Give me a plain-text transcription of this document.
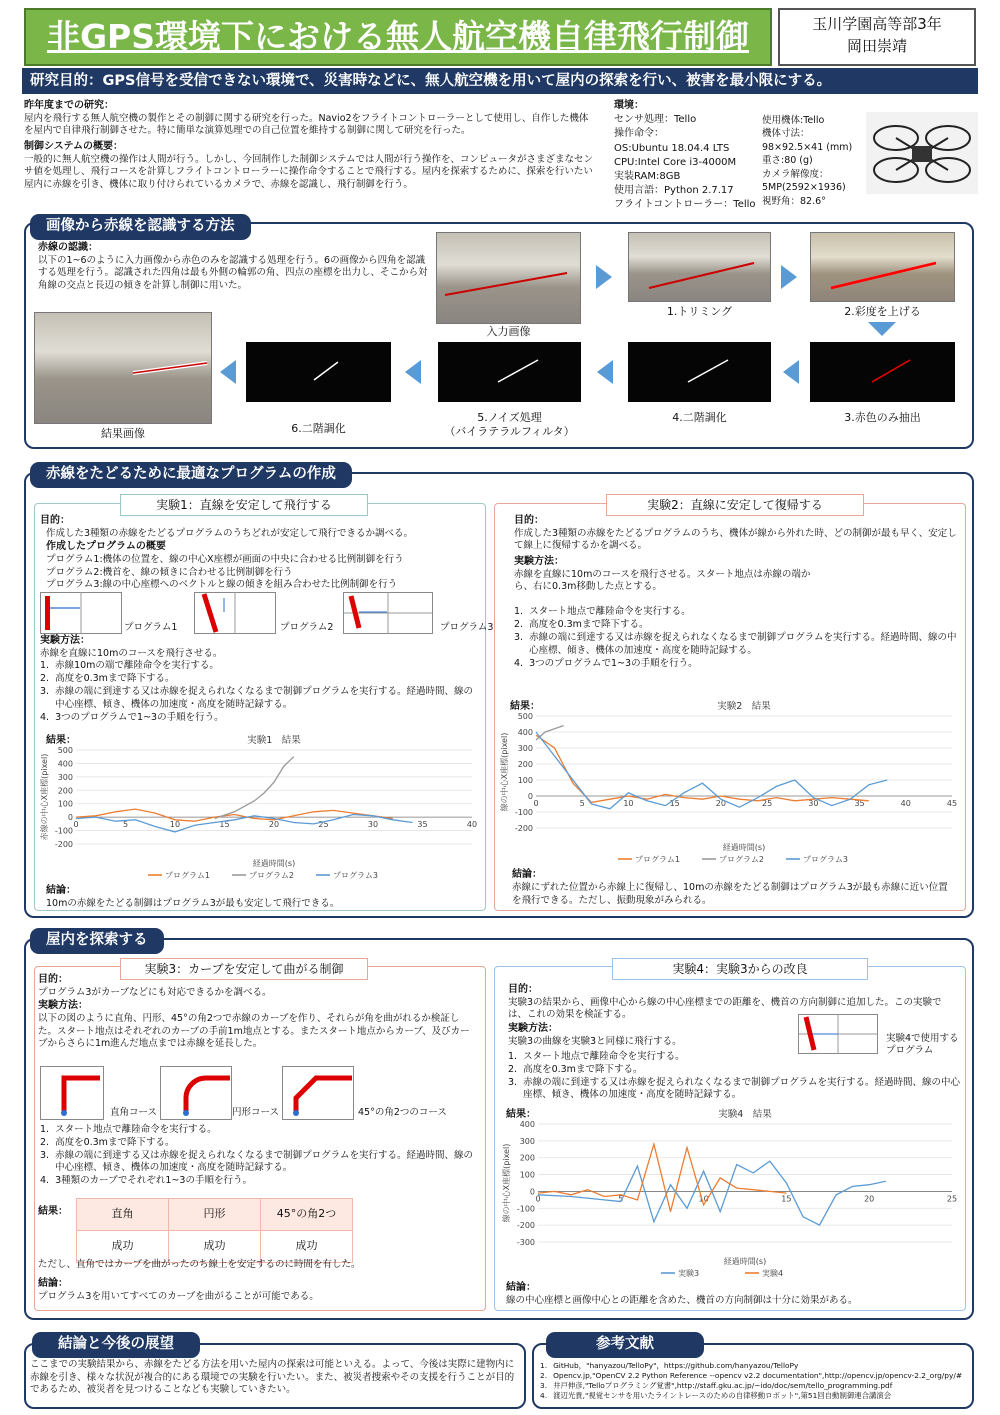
非GPS環境下における無人航空機自律飛行制御	玉川学園高等部3年
岡田崇靖
研究目的：GPS信号を受信できない環境で、災害時などに、無人航空機を用いて屋内の探索を行い、被害を最小限にする。
昨年度までの研究：
屋内を飛行する無人航空機の製作とその制御に関する研究を行った。Navio2をフライトコントローラーとして使用し、自作した機体を屋内で自律飛行制御させた。特に簡単な演算処理での自己位置を維持する制御に関して研究を行った。
制御システムの概要：
一般的に無人航空機の操作は人間が行う。しかし、今回制作した制御システムでは人間が行う操作を、コンピュータがさまざまなセンサ値を処理し、飛行コースを計算しフライトコントローラーに操作命令することで飛行する。屋内を探索するために、探索を行いたい屋内に赤線を引き、機体に取り付けられているカメラで、赤線を認識し、飛行制御を行う。
環境：
センサ処理：Tello
操作命令：
OS:Ubuntu 18.04.4 LTS
CPU:Intel Core i3-4000M
実装RAM:8GB
使用言語：Python 2.7.17
フライトコントローラー：Tello
使用機体:Tello
機体寸法：
98×92.5×41 (mm)
重さ:80 (g)
カメラ解像度：
5MP(2592×1936)
視野角：82.6°
画像から赤線を認識する方法
赤線の認識：
以下の1~6のように入力画像から赤色のみを認識する処理を行う。6の画像から四角を認識する処理を行う。認識された四角は最も外側の輪郭の角、四点の座標を出力し、そこから対角線の交点と長辺の傾きを計算し制御に用いた。
入力画像
1.トリミング	2.彩度を上げる
結果画像	6.二階調化
5.ノイズ処理
（バイラテラルフィルタ）
4.二階調化	3.赤色のみ抽出
赤線をたどるために最適なプログラムの作成
実験1：直線を安定して飛行する
目的：
作成した3種類の赤線をたどるプログラムのうちどれが安定して飛行できるか調べる。
作成したプログラムの概要
プログラム1:機体の位置を、線の中心X座標が画面の中央に合わせる比例制御を行う
プログラム2:機首を、線の傾きに合わせる比例制御を行う
プログラム3:線の中心座標へのベクトルと線の傾きを組み合わせた比例制御を行う
プログラム1	プログラム2	プログラム3
実験方法：
赤線を直線に10mのコースを飛行させる。
1. 赤線10mの端で離陸命令を実行する。
2. 高度を0.3mまで降下する。
3. 赤線の端に到達する又は赤線を捉えられなくなるまで制御プログラムを実行する。経過時間、線の中心座標、傾き、機体の加速度・高度を随時記録する。
4. 3つのプログラムで1~3の手順を行う。
結果：	実験1　結果
-200
-100
0
100
200
300
400
500
0	5	10	15	20	25	30	35	40
経過時間(s)
赤線の中心X座標(pixel)
プログラム1	プログラム2	プログラム3
結論：
10mの赤線をたどる制御はプログラム3が最も安定して飛行できる。
実験2：直線に安定して復帰する
目的：
作成した3種類の赤線をたどるプログラムのうち、機体が線から外れた時、どの制御が最も早く、安定して線上に復帰するかを調べる。
実験方法：
赤線を直線に10mのコースを飛行させる。スタート地点は赤線の端から、右に0.3m移動した点とする。
1. スタート地点で離陸命令を実行する。
2. 高度を0.3mまで降下する。
3. 赤線の端に到達する又は赤線を捉えられなくなるまで制御プログラムを実行する。経過時間、線の中心座標、傾き、機体の加速度・高度を随時記録する。
4. 3つのプログラムで1~3の手順を行う。
結果：	実験2　結果
-200
-100
0
100
200
300
400
500
0	5	10	15	20	25	30	35	40	45
経過時間(s)
線の中心X座標(pixel)
プログラム1	プログラム2	プログラム3
結論：
赤線にずれた位置から赤線上に復帰し、10mの赤線をたどる制御はプログラム3が最も赤線に近い位置を飛行できる。ただし、振動現象がみられる。
屋内を探索する
実験3：カーブを安定して曲がる制御
目的：
プログラム3がカーブなどにも対応できるかを調べる。
実験方法：
以下の図のように直角、円形、45°の角2つで赤線のカーブを作り、それらが角を曲がれるか検証した。スタート地点はそれぞれのカーブの手前1m地点とする。またスタート地点からカーブ、及びカーブからさらに1m進んだ地点までは赤線を延長した。
直角コース	円形コース	45°の角2つのコース
1. スタート地点で離陸命令を実行する。
2. 高度を0.3mまで降下する。
3. 赤線の端に到達する又は赤線を捉えられなくなるまで制御プログラムを実行する。経過時間、線の中心座標、傾き、機体の加速度・高度を随時記録する。
4. 3種類のカーブでそれぞれ1~3の手順を行う。
結果：	直角	円形	45°の角2つ
成功	成功	成功
ただし、直角ではカーブを曲がったのち線上を安定するのに時間を有した。
結論：
プログラム3を用いてすべてのカーブを曲がることが可能である。
実験4：実験3からの改良
目的：
実験3の結果から、画像中心から線の中心座標までの距離を、機首の方向制御に追加した。この実験では、これの効果を検証する。
実験方法：
実験3の曲線を実験3と同様に飛行する。	実験4で使用するプログラム
1. スタート地点で離陸命令を実行する。
2. 高度を0.3mまで降下する。
3. 赤線の端に到達する又は赤線を捉えられなくなるまで制御プログラムを実行する。経過時間、線の中心座標、傾き、機体の加速度・高度を随時記録する。
結果：	実験4　結果
-300
-200
-100
0
100
200
300
400
0	5	10	15	20	25
経過時間(s)
線の中心X座標(pixel)
実験3	実験4
結論：
線の中心座標と画像中心との距離を含めた、機首の方向制御は十分に効果がある。
結論と今後の展望
ここまでの実験結果から、赤線をたどる方法を用いた屋内の探索は可能といえる。よって、今後は実際に建物内に赤線を引き、様々な状況が複合的にある環境での実験を行いたい。また、被災者捜索やその支援を行うことが目的であるため、被災者を見つけることなども実験していきたい。
参考文献
1. GitHub，"hanyazou/TelloPy"，https://github.com/hanyazou/TelloPy
2. Opencv.jp,"OpenCV 2.2 Python Reference --opencv v2.2 documentation",http://opencv.jp/opencv-2.2_org/py/#
3. 井戸伸彦,"Telloプログラミング覚書",http://staff.gku.ac.jp/~ido/doc/sem/tello_programming.pdf
4. 渡辺光貴,"視覚センサを用いたライントレースのための自律移動ロボット",第51回自動制御連合講演会
